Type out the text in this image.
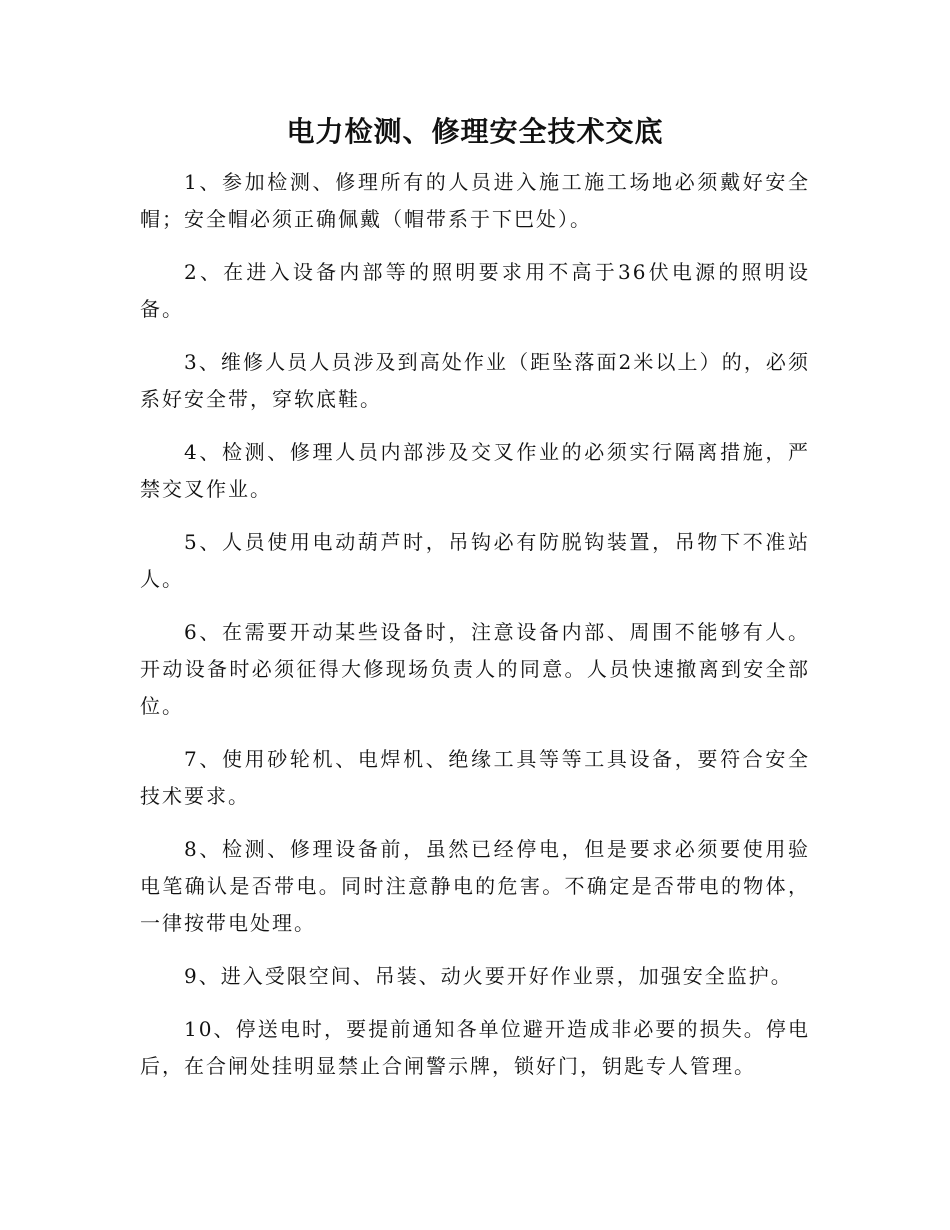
电力检测、修理安全技术交底

1、参加检测、修理所有的人员进入施工施工场地必须戴好安全帽；安全帽必须正确佩戴（帽带系于下巴处）。

2、在进入设备内部等的照明要求用不高于36伏电源的照明设备。

3、维修人员人员涉及到高处作业（距坠落面2米以上）的，必须系好安全带，穿软底鞋。

4、检测、修理人员内部涉及交叉作业的必须实行隔离措施，严禁交叉作业。

5、人员使用电动葫芦时，吊钩必有防脱钩装置，吊物下不准站人。

6、在需要开动某些设备时，注意设备内部、周围不能够有人。开动设备时必须征得大修现场负责人的同意。人员快速撤离到安全部位。

7、使用砂轮机、电焊机、绝缘工具等等工具设备，要符合安全技术要求。

8、检测、修理设备前，虽然已经停电，但是要求必须要使用验电笔确认是否带电。同时注意静电的危害。不确定是否带电的物体，一律按带电处理。

9、进入受限空间、吊装、动火要开好作业票，加强安全监护。

10、停送电时，要提前通知各单位避开造成非必要的损失。停电后，在合闸处挂明显禁止合闸警示牌，锁好门，钥匙专人管理。
